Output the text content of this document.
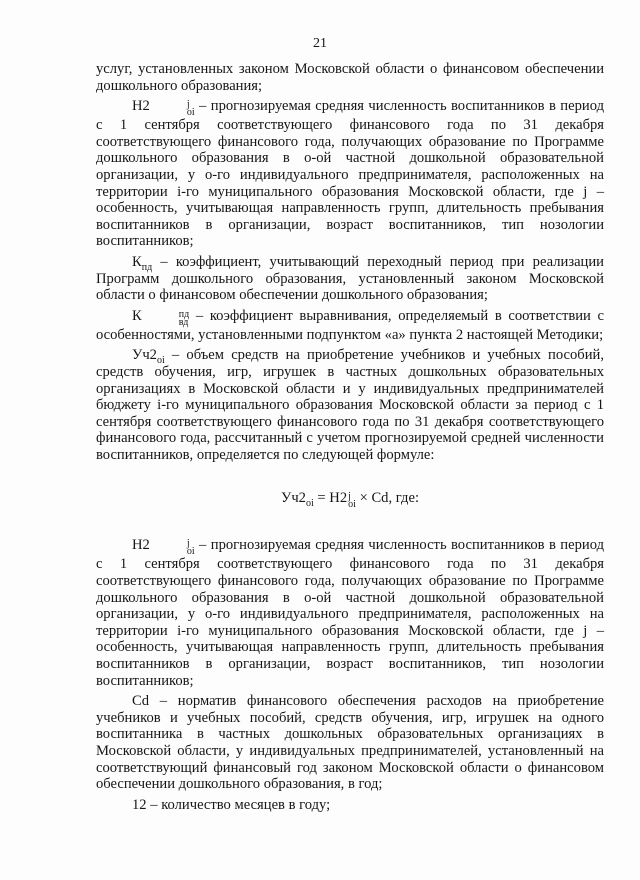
21

услуг, установленных законом Московской области о финансовом обеспечении дошкольного образования;

Н2	j
oi – прогнозируемая средняя численность воспитанников в период с 1 сентября соответствующего финансового года по 31 декабря соответствующего финансового года, получающих образование по Программе дошкольного образования в o-ой частной дошкольной образовательной организации, у o-го индивидуального предпринимателя, расположенных на территории i-го муниципального образования Московской области, где j – особенность, учитывающая направленность групп, длительность пребывания воспитанников в организации, возраст воспитанников, тип нозологии воспитанников;

$К_{пд}$ – коэффициент, учитывающий переходный период при реализации Программ дошкольного образования, установленный законом Московской области о финансовом обеспечении дошкольного образования;

К	пд
вд – коэффициент выравнивания, определяемый в соответствии с особенностями, установленными подпунктом «а» пункта 2 настоящей Методики;

$Уч2_{oi}$ – объем средств на приобретение учебников и учебных пособий, средств обучения, игр, игрушек в частных дошкольных образовательных организациях в Московской области и у индивидуальных предпринимателей бюджету i-го муниципального образования Московской области за период с 1 сентября соответствующего финансового года по 31 декабря соответствующего финансового года, рассчитанный с учетом прогнозируемой средней численности воспитанников, определяется по следующей формуле:

$Уч2_{oi} = Н2$ j
oi × Cd, где:

Н2	j
oi – прогнозируемая средняя численность воспитанников в период с 1 сентября соответствующего финансового года по 31 декабря соответствующего финансового года, получающих образование по Программе дошкольного образования в o-ой частной дошкольной образовательной организации, у o-го индивидуального предпринимателя, расположенных на территории i-го муниципального образования Московской области, где j – особенность, учитывающая направленность групп, длительность пребывания воспитанников в организации, возраст воспитанников, тип нозологии воспитанников;

Cd – норматив финансового обеспечения расходов на приобретение учебников и учебных пособий, средств обучения, игр, игрушек на одного воспитанника в частных дошкольных образовательных организациях в Московской области, у индивидуальных предпринимателей, установленный на соответствующий финансовый год законом Московской области о финансовом обеспечении дошкольного образования, в год;

12 – количество месяцев в году;
